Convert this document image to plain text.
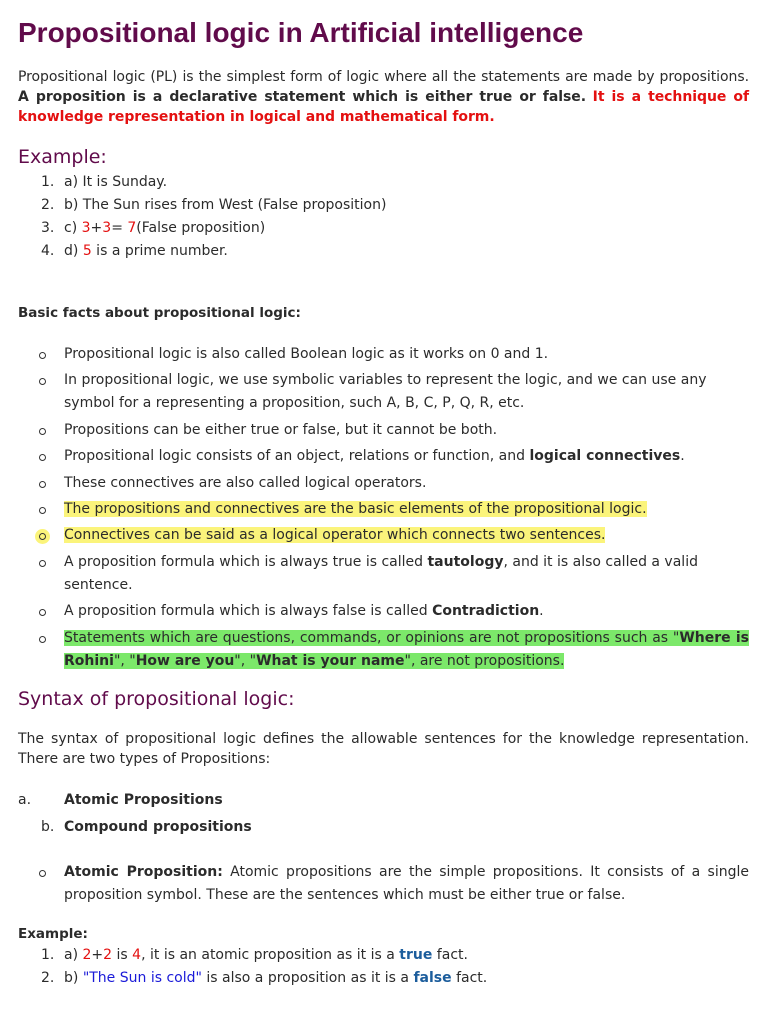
Propositional logic in Artificial intelligence

Propositional logic (PL) is the simplest form of logic where all the statements are made by propositions. A proposition is a declarative statement which is either true or false. It is a technique of knowledge representation in logical and mathematical form.

Example:
1. a) It is Sunday.
2. b) The Sun rises from West (False proposition)
3. c) 3+3= 7(False proposition)
4. d) 5 is a prime number.
Basic facts about propositional logic:
Propositional logic is also called Boolean logic as it works on 0 and 1.
In propositional logic, we use symbolic variables to represent the logic, and we can use any symbol for a representing a proposition, such A, B, C, P, Q, R, etc.
Propositions can be either true or false, but it cannot be both.
Propositional logic consists of an object, relations or function, and logical connectives.
These connectives are also called logical operators.
The propositions and connectives are the basic elements of the propositional logic.
Connectives can be said as a logical operator which connects two sentences.
A proposition formula which is always true is called tautology, and it is also called a valid sentence.
A proposition formula which is always false is called Contradiction.
Statements which are questions, commands, or opinions are not propositions such as "Where is Rohini", "How are you", "What is your name", are not propositions.
Syntax of propositional logic:

The syntax of propositional logic defines the allowable sentences for the knowledge representation. There are two types of Propositions:

a. Atomic Propositions
b. Compound propositions
Atomic Proposition: Atomic propositions are the simple propositions. It consists of a single proposition symbol. These are the sentences which must be either true or false.
Example:
1. a) 2+2 is 4, it is an atomic proposition as it is a true fact.
2. b) "The Sun is cold" is also a proposition as it is a false fact.
